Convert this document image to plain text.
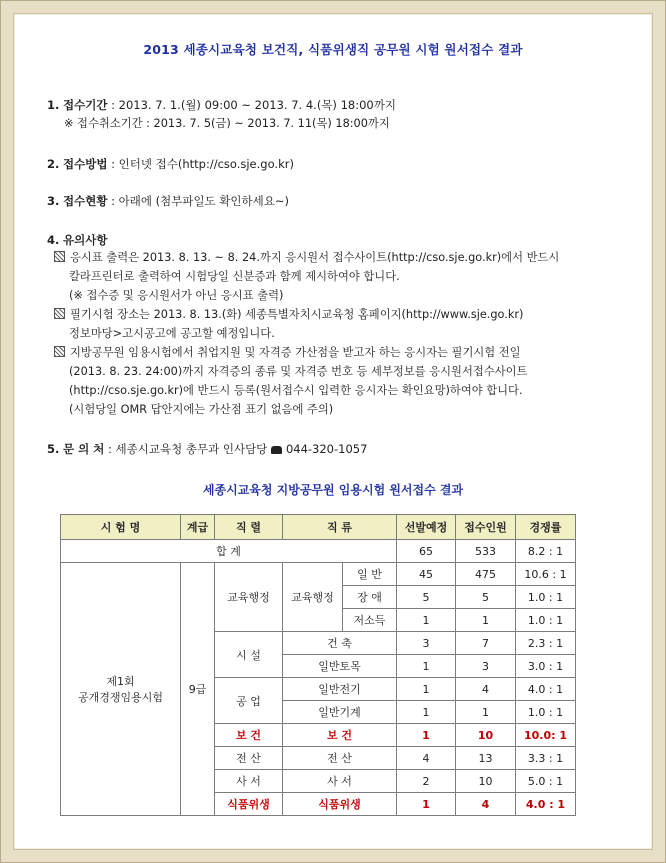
2013 세종시교육청 보건직, 식품위생직 공무원 시험 원서접수 결과
1. 접수기간 : 2013. 7. 1.(월) 09:00 ~ 2013. 7. 4.(목) 18:00까지
※ 접수취소기간 : 2013. 7. 5(금) ~ 2013. 7. 11(목) 18:00까지
2. 접수방법 : 인터넷 접수(http://cso.sje.go.kr)
3. 접수현황 : 아래에 (첨부파일도 확인하세요~)
4. 유의사항
응시표 출력은 2013. 8. 13. ~ 8. 24.까지 응시원서 접수사이트(http://cso.sje.go.kr)에서 반드시
칼라프린터로 출력하여 시험당일 신분증과 함께 제시하여야 합니다.
(※ 접수증 및 응시원서가 아닌 응시표 출력)
필기시험 장소는 2013. 8. 13.(화) 세종특별자치시교육청 홈페이지(http://www.sje.go.kr)
정보마당>고시공고에 공고할 예정입니다.
지방공무원 임용시험에서 취업지원 및 자격증 가산점을 받고자 하는 응시자는 필기시험 전일
(2013. 8. 23. 24:00)까지 자격증의 종류 및 자격증 번호 등 세부정보를 응시원서접수사이트
(http://cso.sje.go.kr)에 반드시 등록(원서접수시 입력한 응시자는 확인요망)하여야 합니다.
(시험당일 OMR 답안지에는 가산점 표기 없음에 주의)
5. 문 의 처 : 세종시교육청 총무과 인사담당 044-320-1057
세종시교육청 지방공무원 임용시험 원서접수 결과
시 험 명	계급	직 렬	직 류		선발예정	접수인원	경쟁률
합 계					65	533	8.2 : 1

제1회
공개경쟁임용시험	9급	교육행정	교육행정	일 반	45	475	10.6 : 1
				장 애	5	5	1.0 : 1
				저소득	1	1	1.0 : 1
		시 설	건 축		3	7	2.3 : 1
			일반토목		1	3	3.0 : 1
		공 업	일반전기		1	4	4.0 : 1
			일반기계		1	1	1.0 : 1
		보 건	보 건		1	10	10.0: 1
		전 산	전 산		4	13	3.3 : 1
		사 서	사 서		2	10	5.0 : 1
		식품위생	식품위생		1	4	4.0 : 1
